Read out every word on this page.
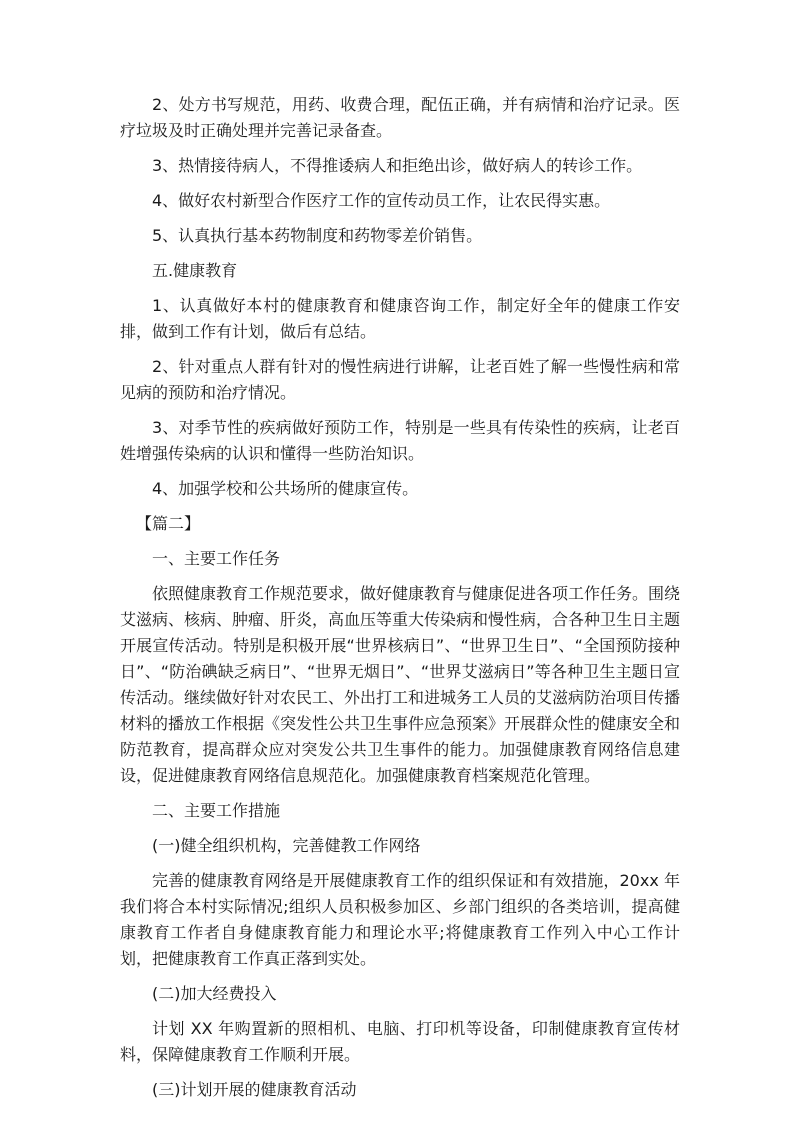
2、处方书写规范，用药、收费合理，配伍正确，并有病情和治疗记录。医疗垃圾及时正确处理并完善记录备查。

3、热情接待病人，不得推诿病人和拒绝出诊，做好病人的转诊工作。

4、做好农村新型合作医疗工作的宣传动员工作，让农民得实惠。

5、认真执行基本药物制度和药物零差价销售。

五.健康教育

1、认真做好本村的健康教育和健康咨询工作，制定好全年的健康工作安排，做到工作有计划，做后有总结。

2、针对重点人群有针对的慢性病进行讲解，让老百姓了解一些慢性病和常见病的预防和治疗情况。

3、对季节性的疾病做好预防工作，特别是一些具有传染性的疾病，让老百姓增强传染病的认识和懂得一些防治知识。

4、加强学校和公共场所的健康宣传。

【篇二】

一、主要工作任务

依照健康教育工作规范要求，做好健康教育与健康促进各项工作任务。围绕艾滋病、核病、肿瘤、肝炎，高血压等重大传染病和慢性病，合各种卫生日主题开展宣传活动。特别是积极开展“世界核病日”、“世界卫生日”、“全国预防接种日”、“防治碘缺乏病日”、“世界无烟日”、“世界艾滋病日”等各种卫生主题日宣传活动。继续做好针对农民工、外出打工和进城务工人员的艾滋病防治项目传播材料的播放工作根据《突发性公共卫生事件应急预案》开展群众性的健康安全和防范教育，提高群众应对突发公共卫生事件的能力。加强健康教育网络信息建设，促进健康教育网络信息规范化。加强健康教育档案规范化管理。

二、主要工作措施

(一)健全组织机构，完善健教工作网络

完善的健康教育网络是开展健康教育工作的组织保证和有效措施，20xx 年我们将合本村实际情况;组织人员积极参加区、乡部门组织的各类培训，提高健康教育工作者自身健康教育能力和理论水平;将健康教育工作列入中心工作计划，把健康教育工作真正落到实处。

(二)加大经费投入

计划 XX 年购置新的照相机、电脑、打印机等设备，印制健康教育宣传材料，保障健康教育工作顺利开展。

(三)计划开展的健康教育活动
